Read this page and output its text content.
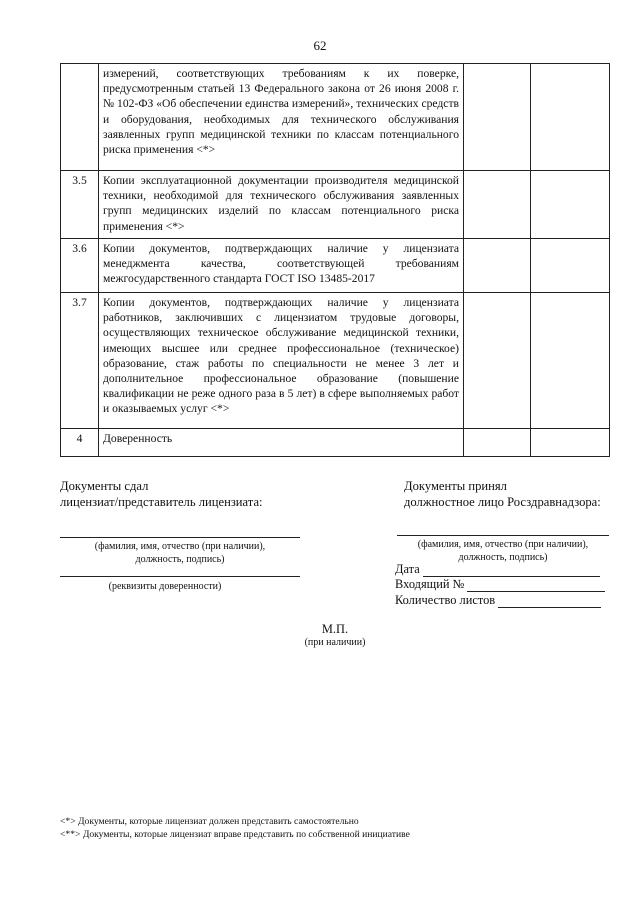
62
	измерений, соответствующих требованиям к их поверке, предусмотренным статьей 13 Федерального закона от 26 июня 2008 г. № 102-ФЗ «Об обеспечении единства измерений», технических средств и оборудования, необходимых для технического обслуживания заявленных групп медицинской техники по классам потенциального риска применения <*>		
3.5	Копии эксплуатационной документации производителя медицинской техники, необходимой для технического обслуживания заявленных групп медицинских изделий по классам потенциального риска применения <*>		
3.6	Копии документов, подтверждающих наличие у лицензиата менеджмента качества, соответствующей требованиям межгосударственного стандарта ГОСТ ISO 13485-2017		
3.7	Копии документов, подтверждающих наличие у лицензиата работников, заключивших с лицензиатом трудовые договоры, осуществляющих техническое обслуживание медицинской техники, имеющих высшее или среднее профессиональное (техническое) образование, стаж работы по специальности не менее 3 лет и дополнительное профессиональное образование (повышение квалификации не реже одного раза в 5 лет) в сфере выполняемых работ и оказываемых услуг <*>		
4	Доверенность		
Документы сдал
лицензиат/представитель лицензиата:
(фамилия, имя, отчество (при наличии),
должность, подпись)
(реквизиты доверенности)
Документы принял
должностное лицо Росздравнадзора:
(фамилия, имя, отчество (при наличии),
должность, подпись)
Дата
Входящий №
Количество листов
М.П.
(при наличии)
<*> Документы, которые лицензиат должен представить самостоятельно
<**> Документы, которые лицензиат вправе представить по собственной инициативе
